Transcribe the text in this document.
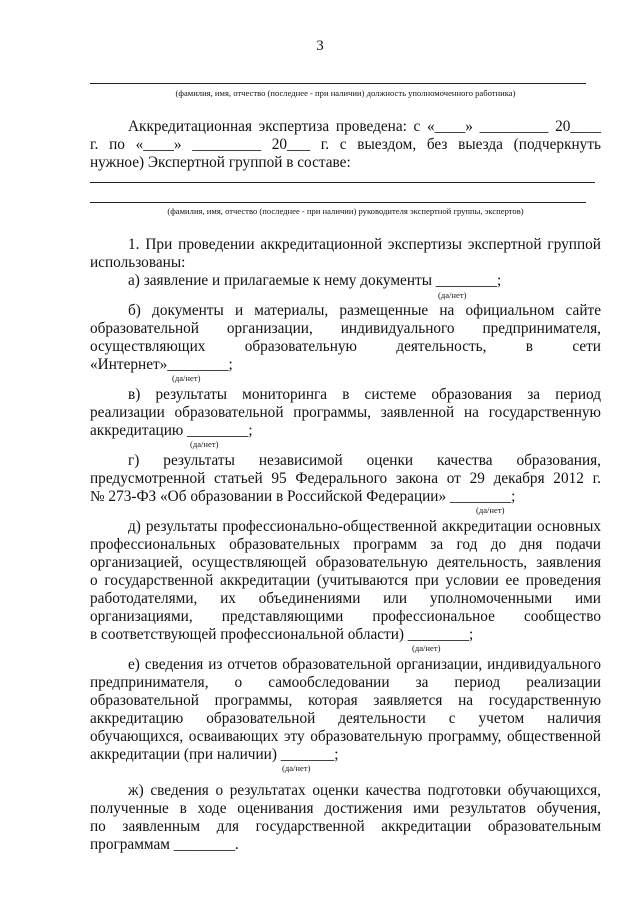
3
(фамилия, имя, отчество (последнее - при наличии) должность уполномоченного работника)
Аккредитационная экспертиза проведена: с «____» _________ 20____
г. по «____» _________ 20___ г. с выездом, без выезда (подчеркнуть
нужное) Экспертной группой в составе:
(фамилия, имя, отчество (последнее - при наличии) руководителя экспертной группы, экспертов)
1. При проведении аккредитационной экспертизы экспертной группой
использованы:
а) заявление и прилагаемые к нему документы ________;
(да/нет)
б) документы и материалы, размещенные на официальном сайте
образовательной организации, индивидуального предпринимателя,
осуществляющих образовательную деятельность, в сети
«Интернет»________;
(да/нет)
в) результаты мониторинга в системе образования за период
реализации образовательной программы, заявленной на государственную
аккредитацию ________;
(да/нет)
г) результаты независимой оценки качества образования,
предусмотренной статьей 95 Федерального закона от 29 декабря 2012 г.
№ 273-ФЗ «Об образовании в Российской Федерации» ________;
(да/нет)
д) результаты профессионально-общественной аккредитации основных
профессиональных образовательных программ за год до дня подачи
организацией, осуществляющей образовательную деятельность, заявления
о государственной аккредитации (учитываются при условии ее проведения
работодателями, их объединениями или уполномоченными ими
организациями, представляющими профессиональное сообщество
в соответствующей профессиональной области) ________;
(да/нет)
е) сведения из отчетов образовательной организации, индивидуального
предпринимателя, о самообследовании за период реализации
образовательной программы, которая заявляется на государственную
аккредитацию образовательной деятельности с учетом наличия
обучающихся, осваивающих эту образовательную программу, общественной
аккредитации (при наличии) _______;
(да/нет)
ж) сведения о результатах оценки качества подготовки обучающихся,
полученные в ходе оценивания достижения ими результатов обучения,
по заявленным для государственной аккредитации образовательным
программам ________.
